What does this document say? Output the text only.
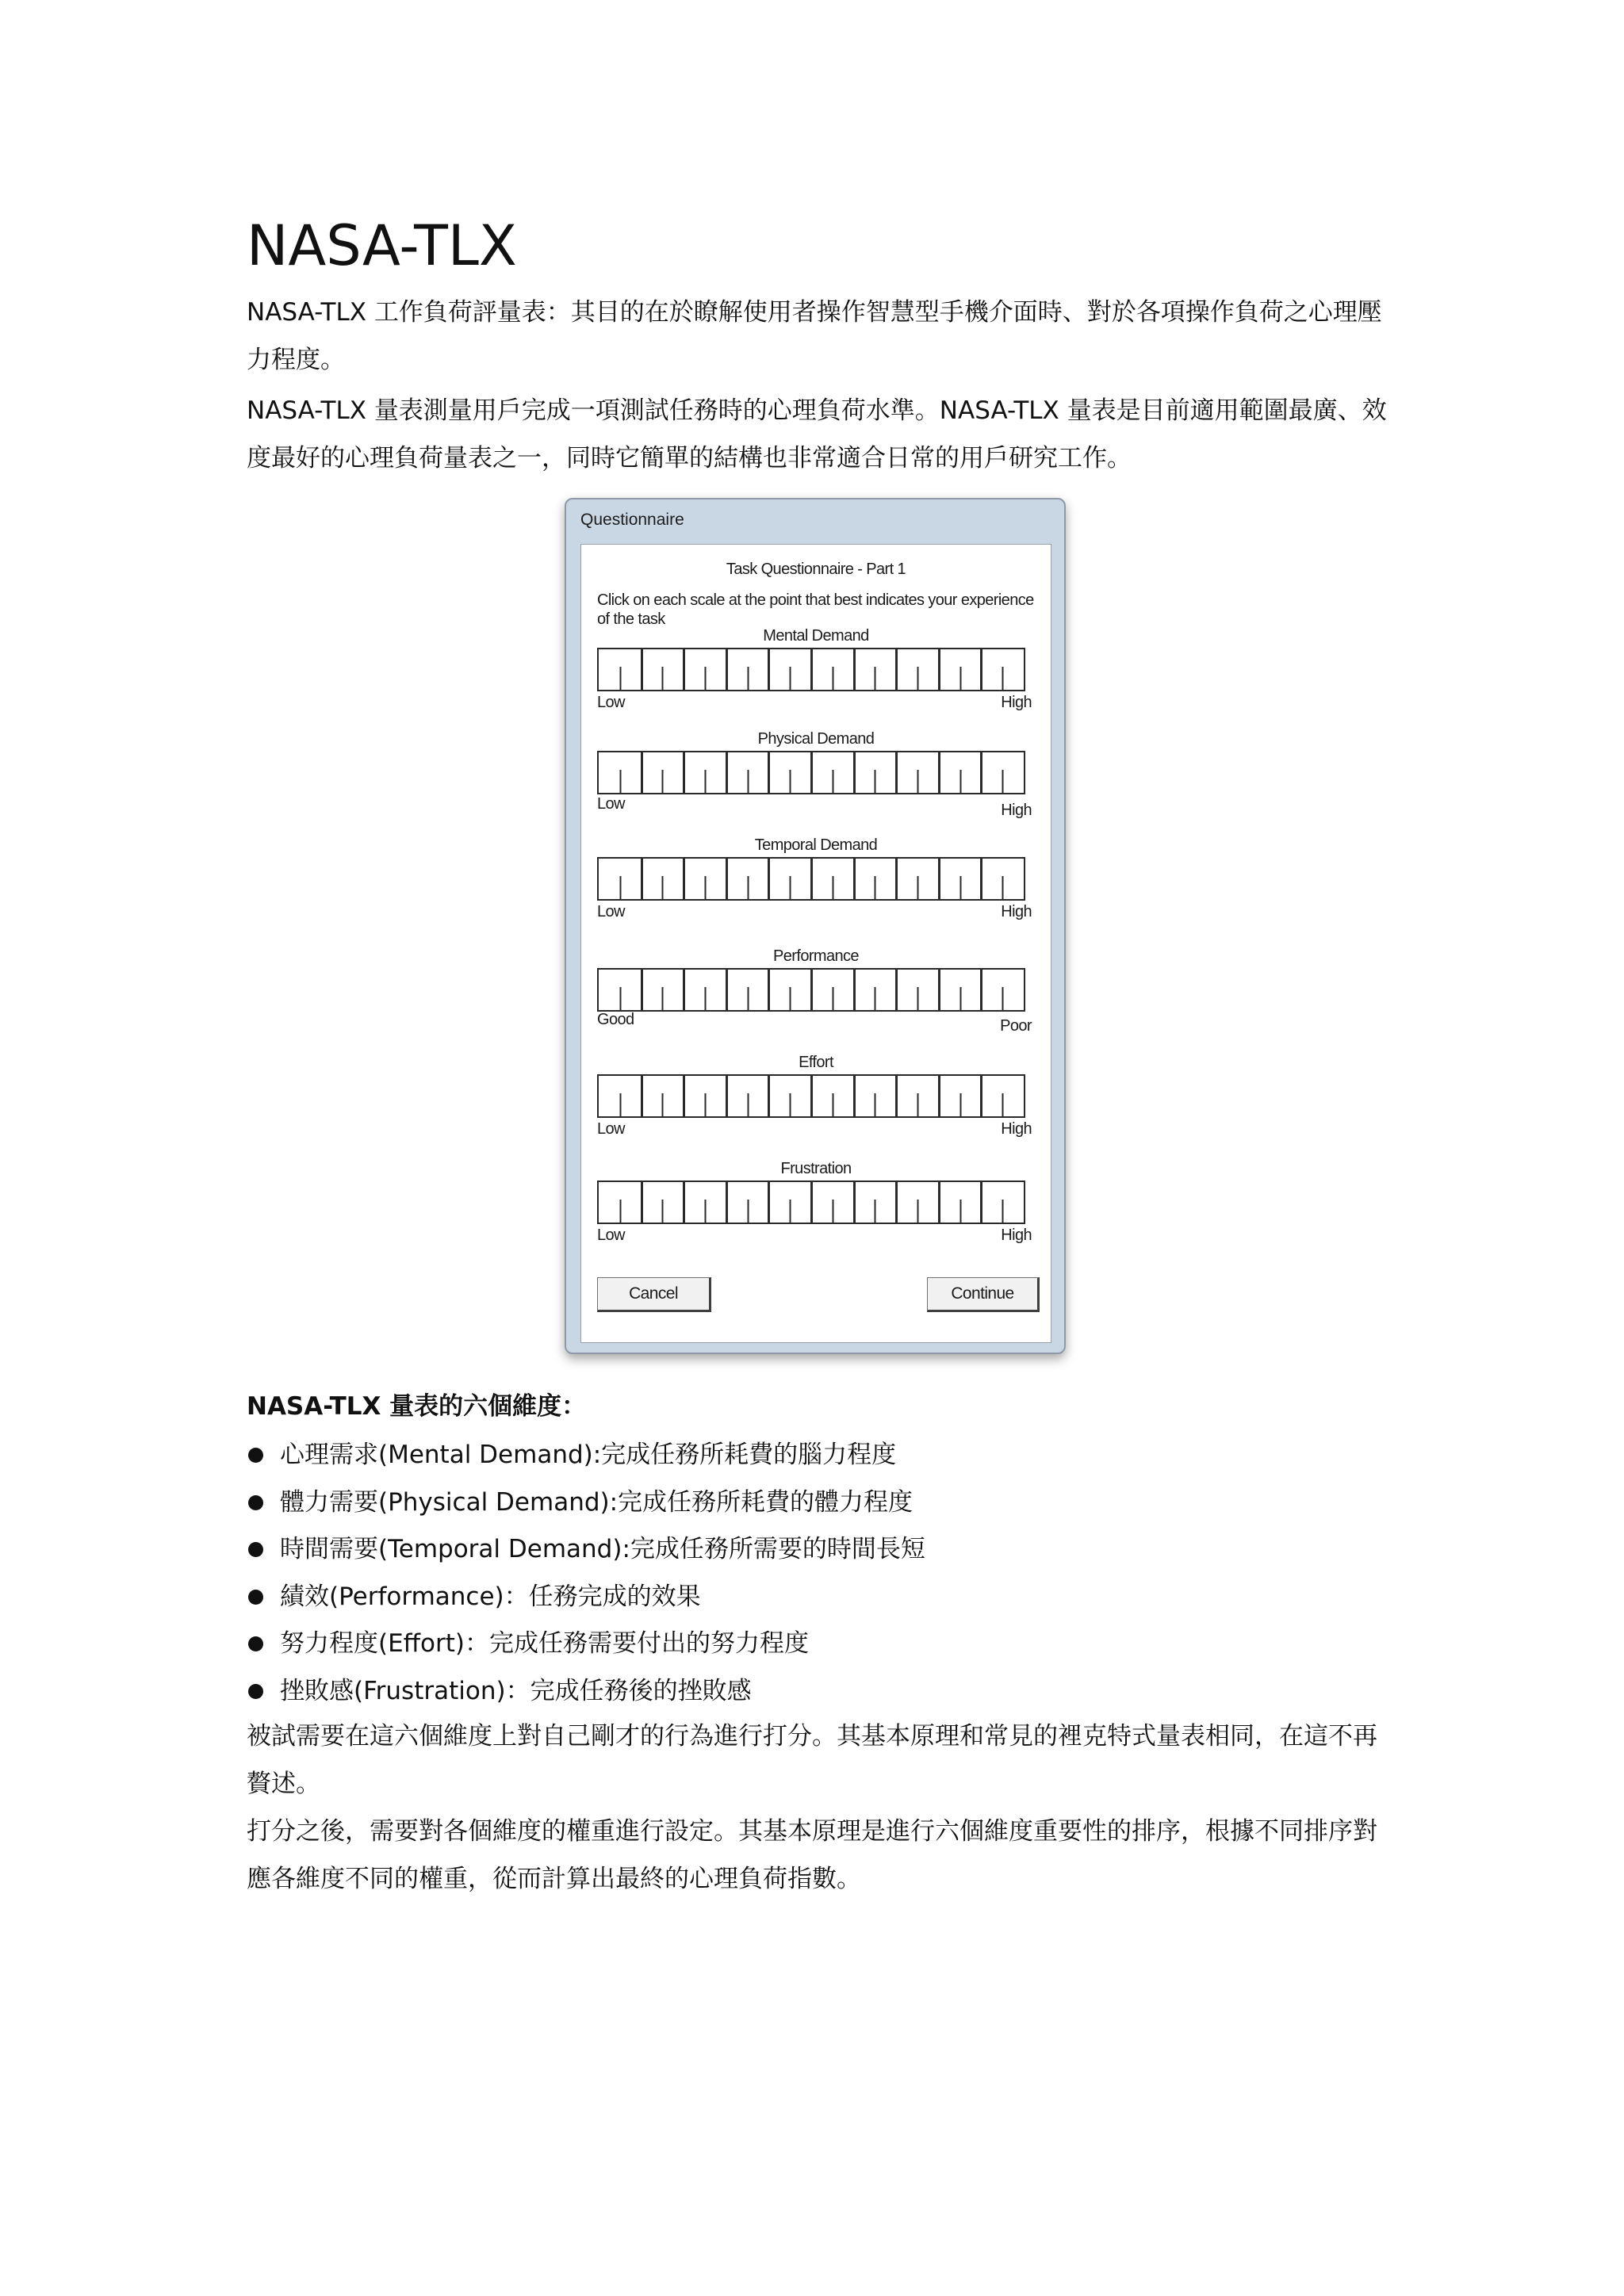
NASA-TLX

NASA-TLX 工作負荷評量表：其目的在於瞭解使用者操作智慧型手機介面時、對於各項操作負荷之心理壓力程度。

NASA-TLX 量表測量用戶完成一項測試任務時的心理負荷水準。NASA-TLX 量表是目前適用範圍最廣、效度最好的心理負荷量表之一，同時它簡單的結構也非常適合日常的用戶研究工作。

Questionnaire
Task Questionnaire - Part 1
Click on each scale at the point that best indicates your experience of the task
Mental Demand
Low	High
Physical Demand
Low	High
Temporal Demand
Low	High
Performance
Good	Poor
Effort
Low	High
Frustration
Low	High
Cancel	Continue
NASA-TLX 量表的六個維度：
心理需求(Mental Demand):完成任務所耗費的腦力程度
體力需要(Physical Demand):完成任務所耗費的體力程度
時間需要(Temporal Demand):完成任務所需要的時間長短
績效(Performance)：任務完成的效果
努力程度(Effort)：完成任務需要付出的努力程度
挫敗感(Frustration)：完成任務後的挫敗感

被試需要在這六個維度上對自己剛才的行為進行打分。其基本原理和常見的裡克特式量表相同，在這不再贅述。

打分之後，需要對各個維度的權重進行設定。其基本原理是進行六個維度重要性的排序，根據不同排序對應各維度不同的權重，從而計算出最終的心理負荷指數。
